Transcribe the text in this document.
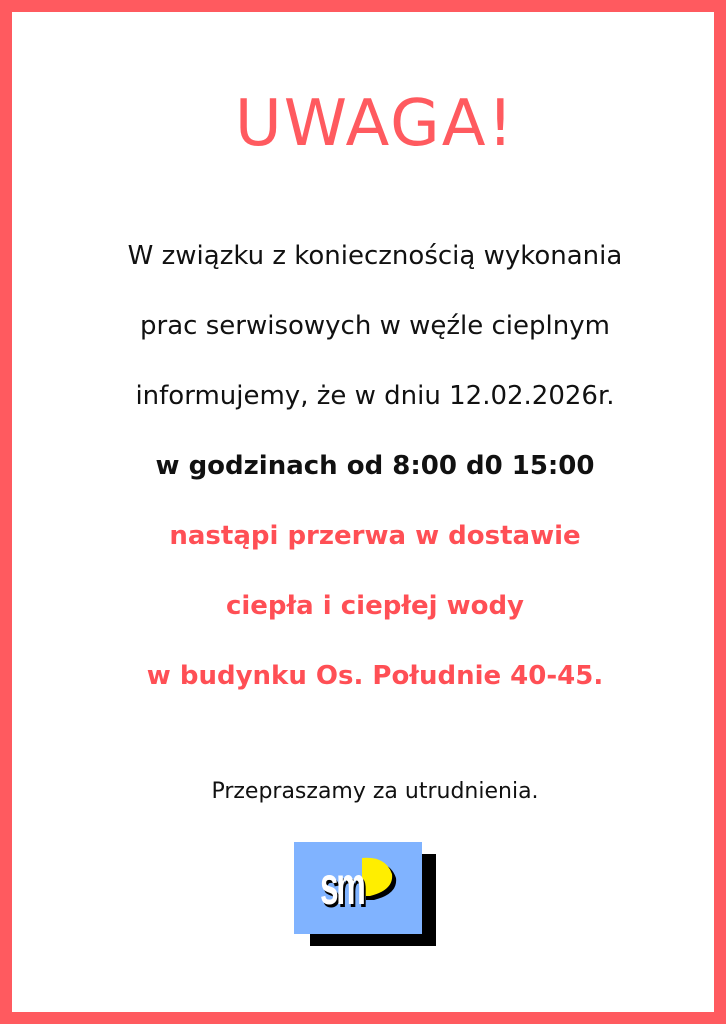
UWAGA!
W związku z koniecznością wykonania
prac serwisowych w węźle cieplnym
informujemy, że w dniu 12.02.2026r.
w godzinach od 8:00 d0 15:00
nastąpi przerwa w dostawie
ciepła i ciepłej wody
w budynku Os. Południe 40-45.
Przepraszamy za utrudnienia.
sm
